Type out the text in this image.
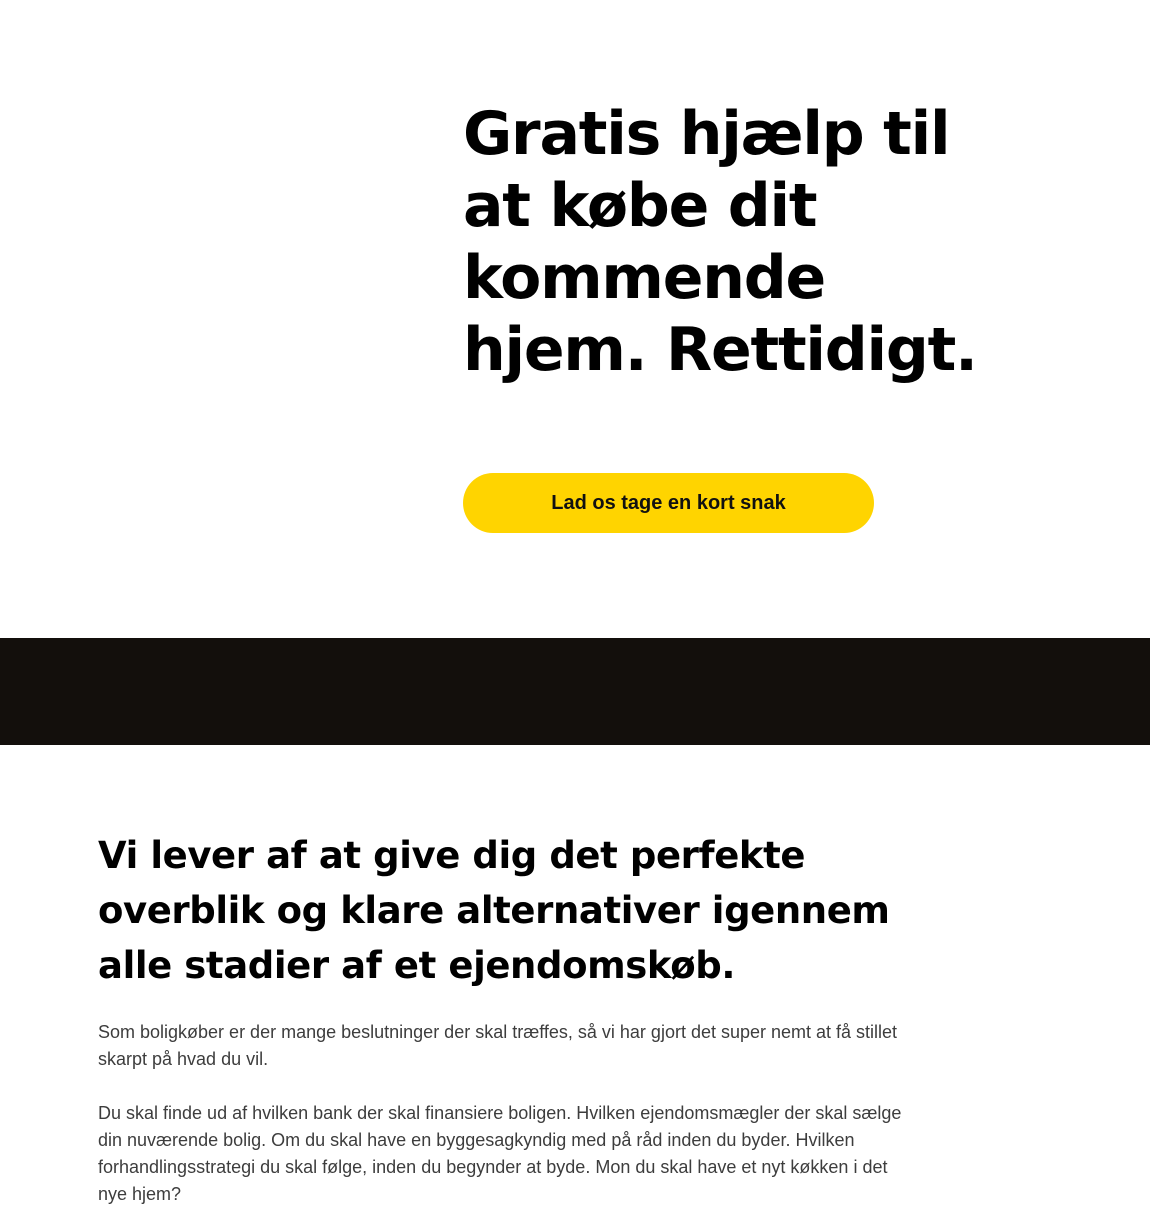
Gratis hjælp til
at købe dit
kommende
hjem. Rettidigt.
Lad os tage en kort snak
Vi lever af at give dig det perfekte
overblik og klare alternativer igennem
alle stadier af et ejendomskøb.

Som boligkøber er der mange beslutninger der skal træffes, så vi har gjort det super nemt at få stillet
skarpt på hvad du vil.

Du skal finde ud af hvilken bank der skal finansiere boligen. Hvilken ejendomsmægler der skal sælge
din nuværende bolig. Om du skal have en byggesagkyndig med på råd inden du byder. Hvilken
forhandlingsstrategi du skal følge, inden du begynder at byde. Mon du skal have et nyt køkken i det
nye hjem?
